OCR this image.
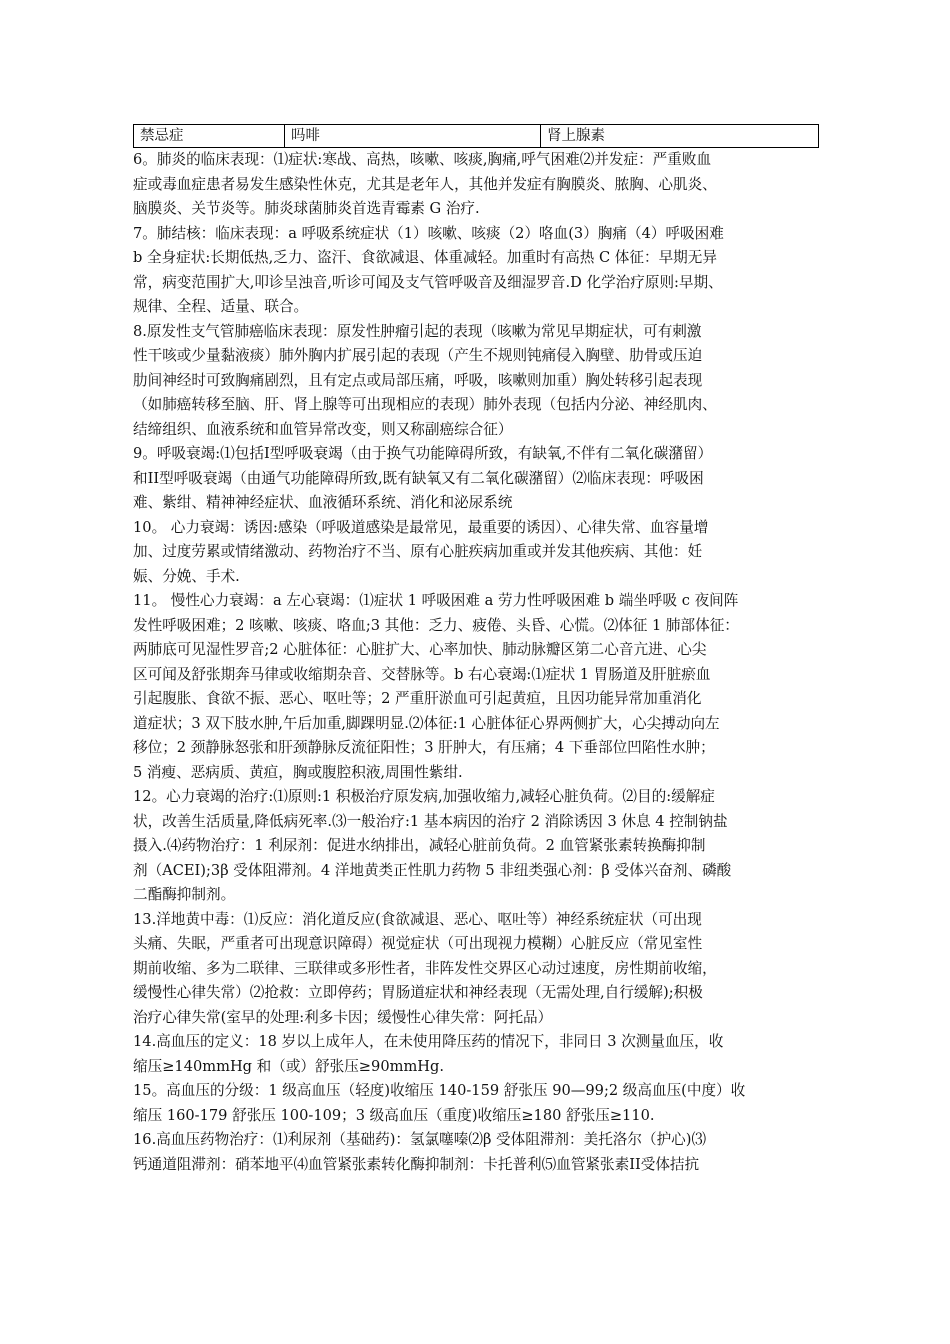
禁忌症	吗啡	肾上腺素
6。肺炎的临床表现：⑴症状:寒战、高热，咳嗽、咳痰,胸痛,呼气困难⑵并发症：严重败血
症或毒血症患者易发生感染性休克，尤其是老年人，其他并发症有胸膜炎、脓胸、心肌炎、
脑膜炎、关节炎等。肺炎球菌肺炎首选青霉素 G 治疗.
7。肺结核：临床表现：a 呼吸系统症状（1）咳嗽、咳痰（2）咯血(3）胸痛（4）呼吸困难
b 全身症状:长期低热,乏力、盗汗、食欲减退、体重减轻。加重时有高热 C 体征：早期无异
常，病变范围扩大,叩诊呈浊音,听诊可闻及支气管呼吸音及细湿罗音.D 化学治疗原则:早期、
规律、全程、适量、联合。
8.原发性支气管肺癌临床表现：原发性肿瘤引起的表现（咳嗽为常见早期症状，可有刺激
性干咳或少量黏液痰）肺外胸内扩展引起的表现（产生不规则钝痛侵入胸壁、肋骨或压迫
肋间神经时可致胸痛剧烈，且有定点或局部压痛，呼吸，咳嗽则加重）胸处转移引起表现
（如肺癌转移至脑、肝、肾上腺等可出现相应的表现）肺外表现（包括内分泌、神经肌肉、
结缔组织、血液系统和血管异常改变，则又称副癌综合征）
9。呼吸衰竭:⑴包括I型呼吸衰竭（由于换气功能障碍所致，有缺氧,不伴有二氧化碳潴留）
和II型呼吸衰竭（由通气功能障碍所致,既有缺氧又有二氧化碳潴留）⑵临床表现：呼吸困
难、紫绀、精神神经症状、血液循环系统、消化和泌尿系统
10。 心力衰竭：诱因:感染（呼吸道感染是最常见，最重要的诱因）、心律失常、血容量增
加、过度劳累或情绪激动、药物治疗不当、原有心脏疾病加重或并发其他疾病、其他：妊
娠、分娩、手术.
11。 慢性心力衰竭：a 左心衰竭：⑴症状 1 呼吸困难 a 劳力性呼吸困难 b 端坐呼吸 c 夜间阵
发性呼吸困难；2 咳嗽、咳痰、咯血;3 其他：乏力、疲倦、头昏、心慌。⑵体征 1 肺部体征：
两肺底可见湿性罗音;2 心脏体征：心脏扩大、心率加快、肺动脉瓣区第二心音亢进、心尖
区可闻及舒张期奔马律或收缩期杂音、交替脉等。b 右心衰竭:⑴症状 1 胃肠道及肝脏瘀血
引起腹胀、食欲不振、恶心、呕吐等；2 严重肝淤血可引起黄疸，且因功能异常加重消化
道症状；3 双下肢水肿,午后加重,脚踝明显.⑵体征:1 心脏体征心界两侧扩大，心尖搏动向左
移位；2 颈静脉怒张和肝颈静脉反流征阳性；3 肝肿大，有压痛；4 下垂部位凹陷性水肿；
5 消瘦、恶病质、黄疸，胸或腹腔积液,周围性紫绀.
12。心力衰竭的治疗:⑴原则:1 积极治疗原发病,加强收缩力,减轻心脏负荷。⑵目的:缓解症
状，改善生活质量,降低病死率.⑶一般治疗:1 基本病因的治疗 2 消除诱因 3 休息 4 控制钠盐
摄入.⑷药物治疗：1 利尿剂：促进水纳排出，减轻心脏前负荷。2 血管紧张素转换酶抑制
剂（ACEI);3β 受体阻滞剂。4 洋地黄类正性肌力药物 5 非纽类强心剂：β 受体兴奋剂、磷酸
二酯酶抑制剂。
13.洋地黄中毒：⑴反应：消化道反应(食欲减退、恶心、呕吐等）神经系统症状（可出现
头痛、失眠，严重者可出现意识障碍）视觉症状（可出现视力模糊）心脏反应（常见室性
期前收缩、多为二联律、三联律或多形性者，非阵发性交界区心动过速度，房性期前收缩，
缓慢性心律失常）⑵抢救：立即停药；胃肠道症状和神经表现（无需处理,自行缓解);积极
治疗心律失常(室早的处理:利多卡因；缓慢性心律失常：阿托品）
14.高血压的定义：18 岁以上成年人，在未使用降压药的情况下，非同日 3 次测量血压，收
缩压≥140mmHg 和（或）舒张压≥90mmHg.
15。高血压的分级：1 级高血压（轻度)收缩压 140-159 舒张压 90—99;2 级高血压(中度）收
缩压 160-179 舒张压 100-109；3 级高血压（重度)收缩压≥180 舒张压≥110.
16.高血压药物治疗：⑴利尿剂（基础药)：氢氯噻嗪⑵β 受体阻滞剂：美托洛尔（护心)⑶
钙通道阻滞剂：硝苯地平⑷血管紧张素转化酶抑制剂：卡托普利⑸血管紧张素II受体拮抗
